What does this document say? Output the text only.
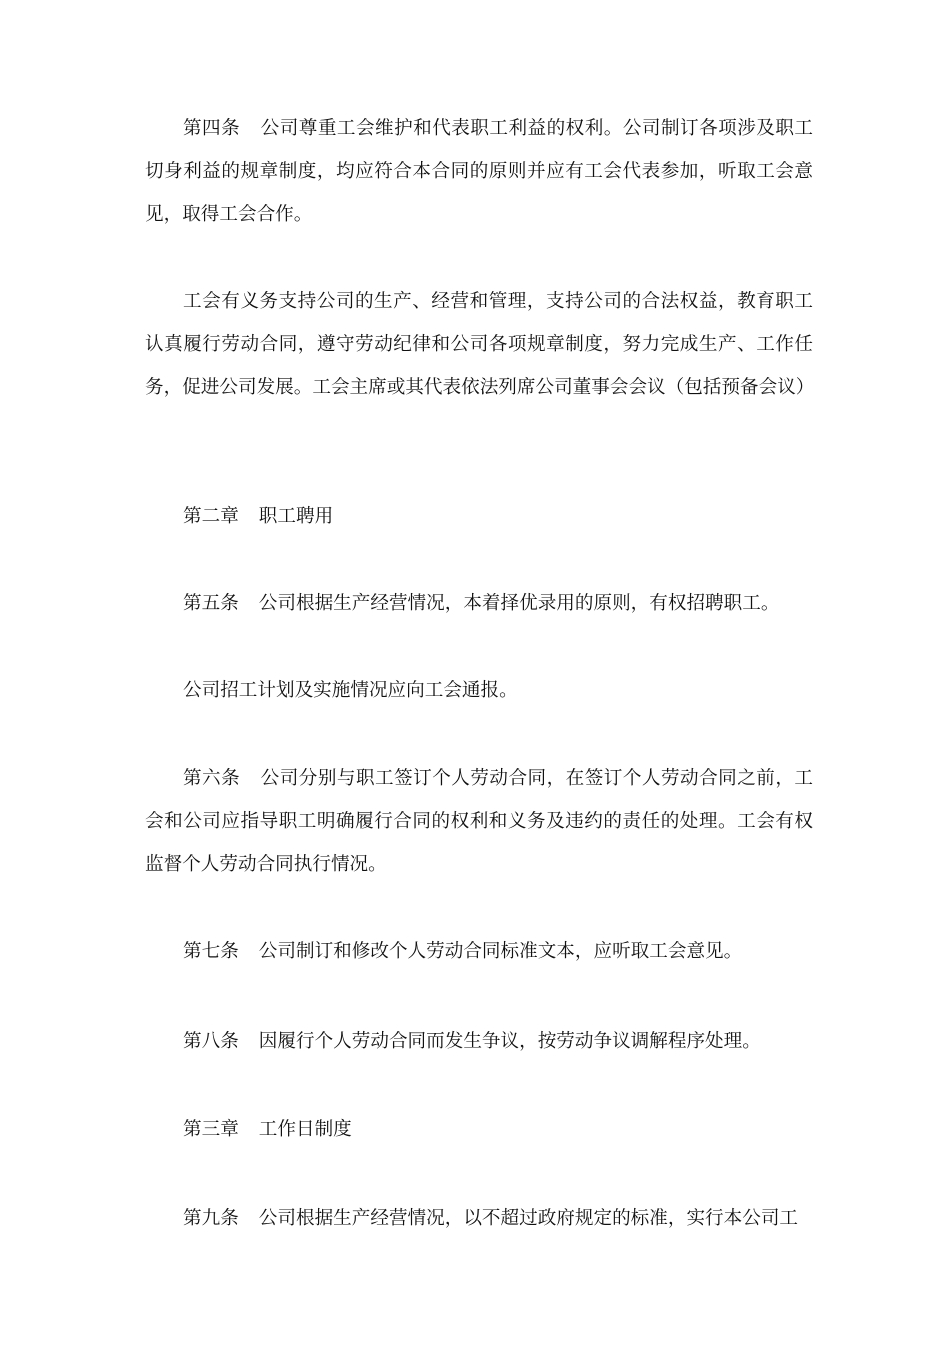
第四条 公司尊重工会维护和代表职工利益的权利。公司制订各项涉及职工切身利益的规章制度，均应符合本合同的原则并应有工会代表参加，听取工会意见，取得工会合作。

工会有义务支持公司的生产、经营和管理，支持公司的合法权益，教育职工认真履行劳动合同，遵守劳动纪律和公司各项规章制度，努力完成生产、工作任务，促进公司发展。工会主席或其代表依法列席公司董事会会议（包括预备会议）

第二章 职工聘用

第五条 公司根据生产经营情况，本着择优录用的原则，有权招聘职工。

公司招工计划及实施情况应向工会通报。

第六条 公司分别与职工签订个人劳动合同，在签订个人劳动合同之前，工会和公司应指导职工明确履行合同的权利和义务及违约的责任的处理。工会有权监督个人劳动合同执行情况。

第七条 公司制订和修改个人劳动合同标准文本，应听取工会意见。

第八条 因履行个人劳动合同而发生争议，按劳动争议调解程序处理。

第三章 工作日制度

第九条 公司根据生产经营情况，以不超过政府规定的标准，实行本公司工
